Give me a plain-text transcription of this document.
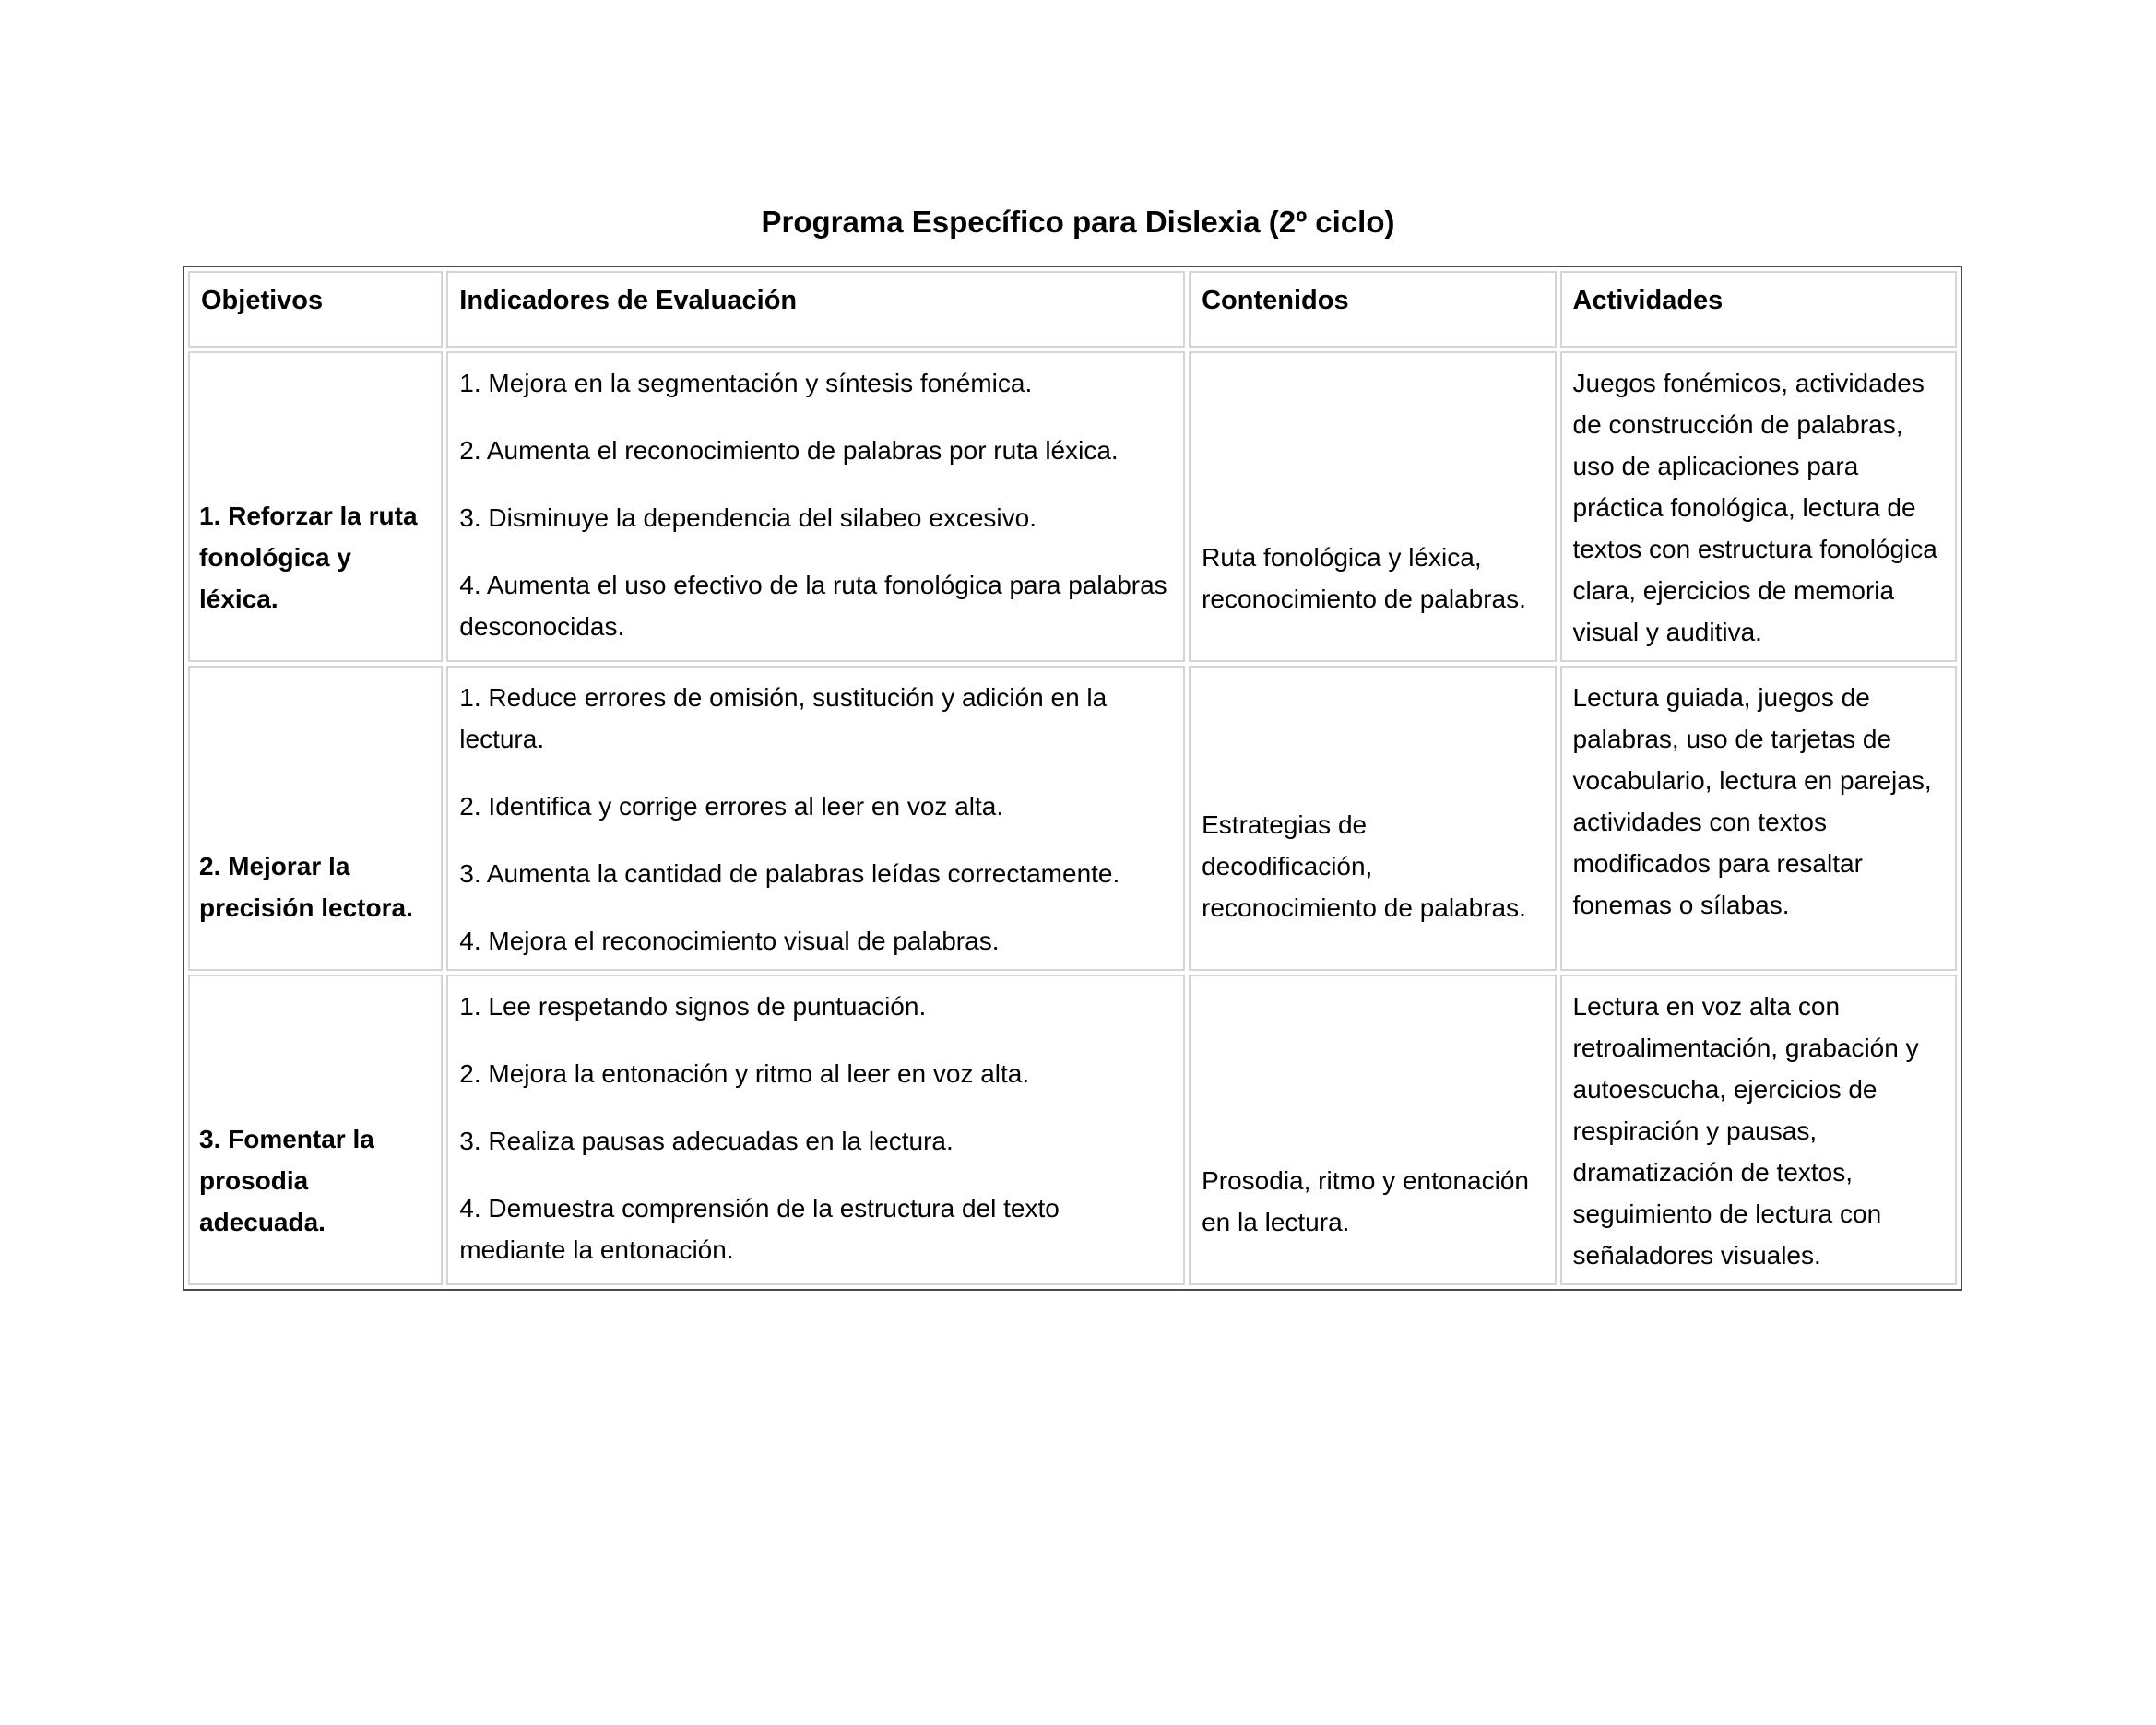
Programa Específico para Dislexia (2º ciclo)
Objetivos	Indicadores de Evaluación	Contenidos	Actividades
1. Reforzar la ruta fonológica y léxica.	1. Mejora en la segmentación y síntesis fonémica.

2. Aumenta el reconocimiento de palabras por ruta léxica.

3. Disminuye la dependencia del silabeo excesivo.

4. Aumenta el uso efectivo de la ruta fonológica para palabras desconocidas.	Ruta fonológica y léxica, reconocimiento de palabras.	Juegos fonémicos, actividades de construcción de palabras, uso de aplicaciones para práctica fonológica, lectura de textos con estructura fonológica clara, ejercicios de memoria visual y auditiva.
2. Mejorar la precisión lectora.	1. Reduce errores de omisión, sustitución y adición en la lectura.

2. Identifica y corrige errores al leer en voz alta.

3. Aumenta la cantidad de palabras leídas correctamente.

4. Mejora el reconocimiento visual de palabras.	Estrategias de decodificación, reconocimiento de palabras.	Lectura guiada, juegos de palabras, uso de tarjetas de vocabulario, lectura en parejas, actividades con textos modificados para resaltar fonemas o sílabas.
3. Fomentar la prosodia adecuada.	1. Lee respetando signos de puntuación.

2. Mejora la entonación y ritmo al leer en voz alta.

3. Realiza pausas adecuadas en la lectura.

4. Demuestra comprensión de la estructura del texto mediante la entonación.	Prosodia, ritmo y entonación en la lectura.	Lectura en voz alta con retroalimentación, grabación y autoescucha, ejercicios de respiración y pausas, dramatización de textos, seguimiento de lectura con señaladores visuales.
